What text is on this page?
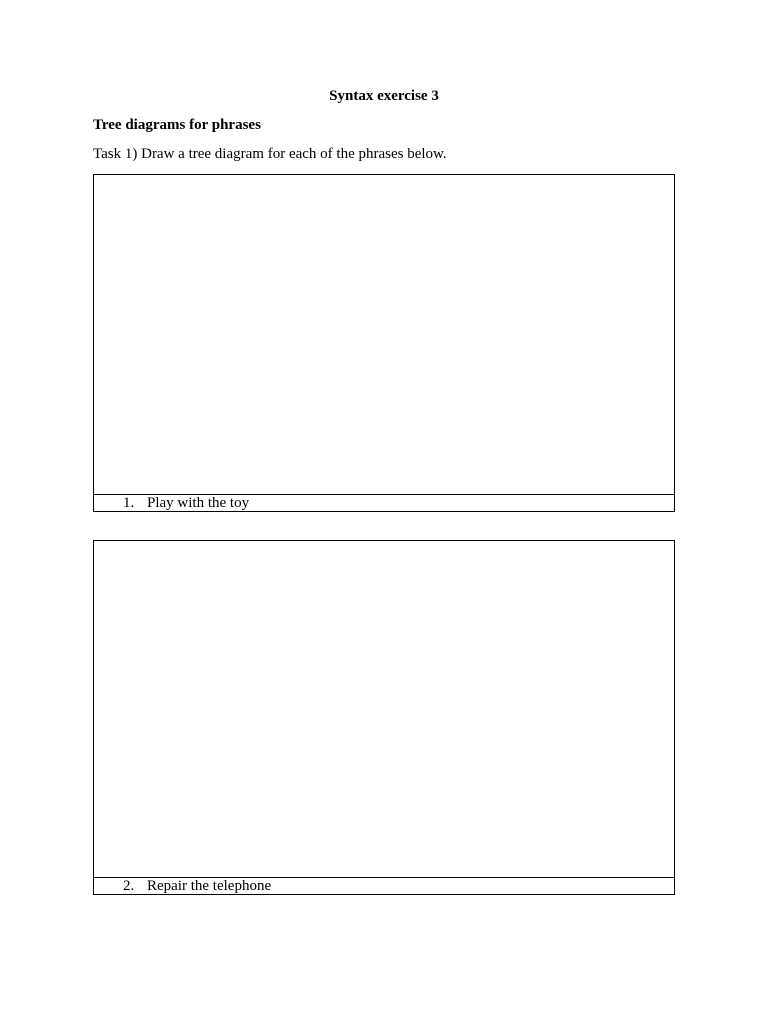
Syntax exercise 3
Tree diagrams for phrases
Task 1) Draw a tree diagram for each of the phrases below.
1. Play with the toy
2. Repair the telephone
